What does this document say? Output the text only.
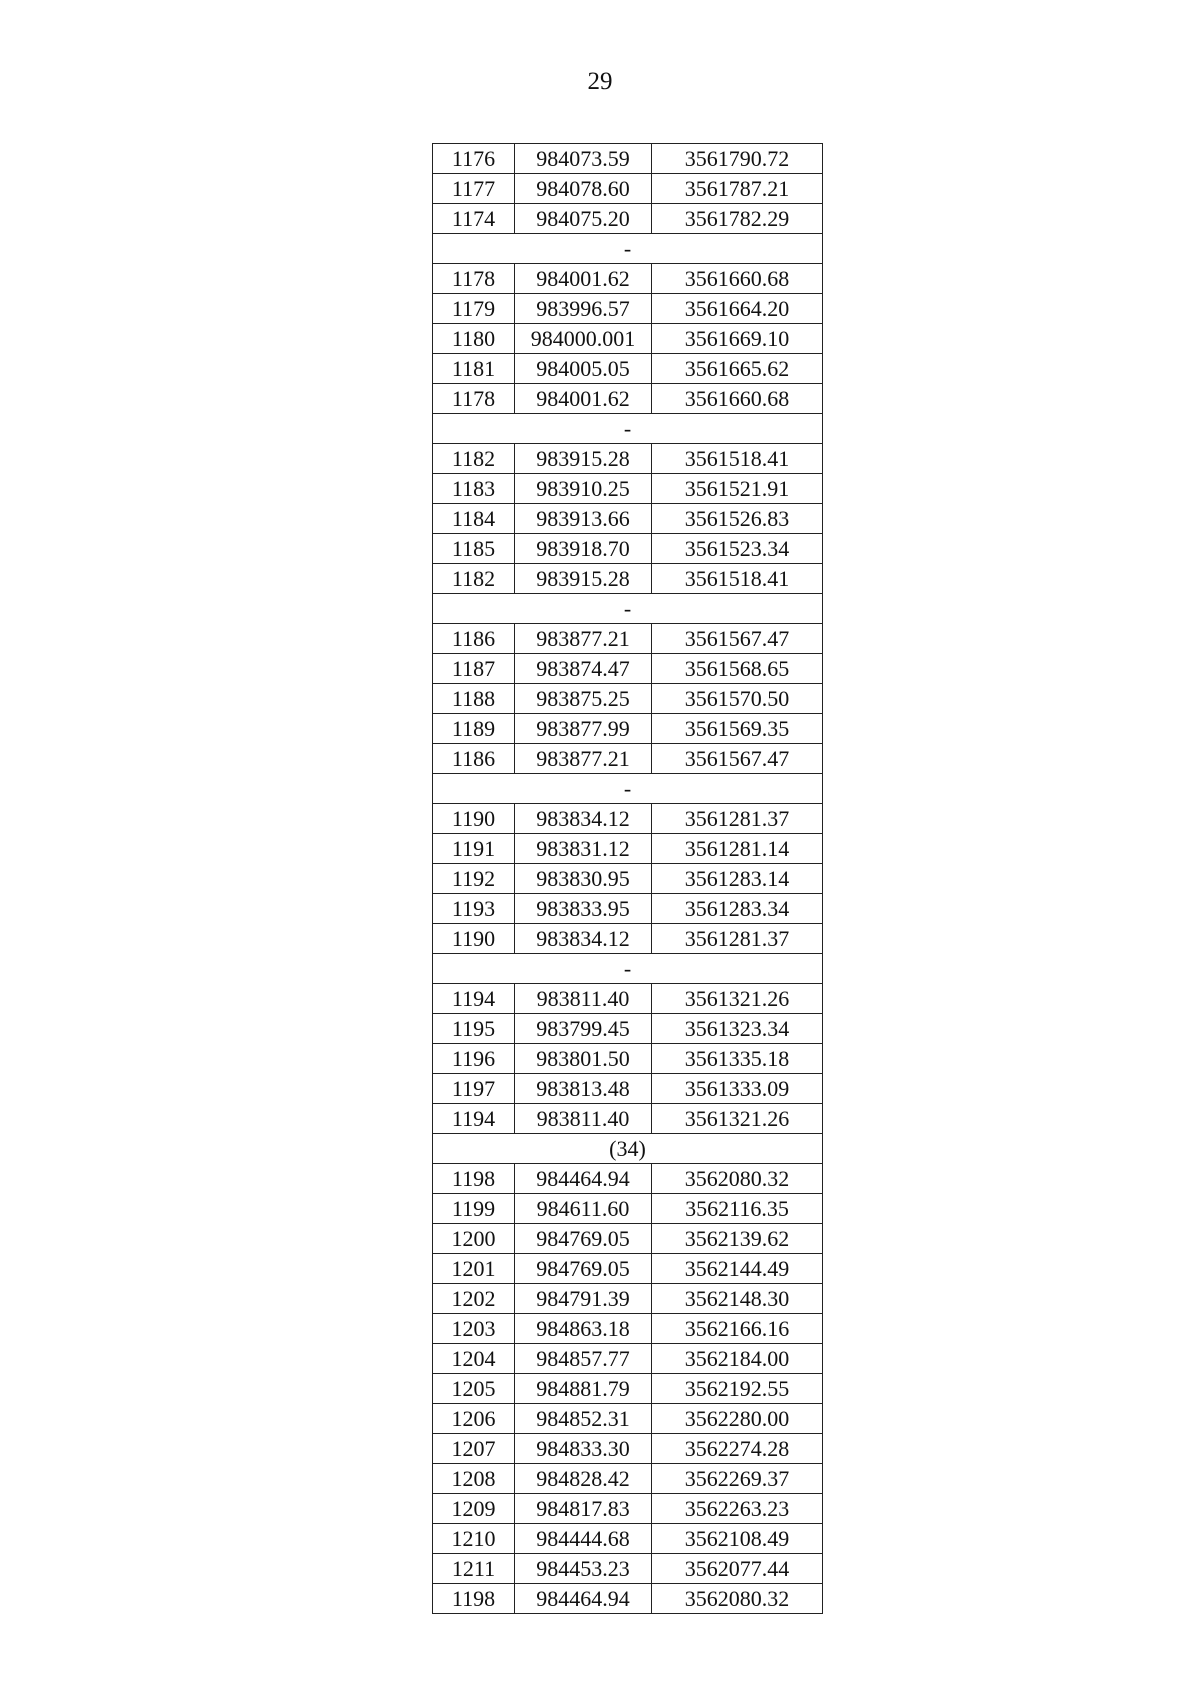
29
1176	984073.59	3561790.72
1177	984078.60	3561787.21
1174	984075.20	3561782.29
-		
1178	984001.62	3561660.68
1179	983996.57	3561664.20
1180	984000.001	3561669.10
1181	984005.05	3561665.62
1178	984001.62	3561660.68
-		
1182	983915.28	3561518.41
1183	983910.25	3561521.91
1184	983913.66	3561526.83
1185	983918.70	3561523.34
1182	983915.28	3561518.41
-		
1186	983877.21	3561567.47
1187	983874.47	3561568.65
1188	983875.25	3561570.50
1189	983877.99	3561569.35
1186	983877.21	3561567.47
-		
1190	983834.12	3561281.37
1191	983831.12	3561281.14
1192	983830.95	3561283.14
1193	983833.95	3561283.34
1190	983834.12	3561281.37
-		
1194	983811.40	3561321.26
1195	983799.45	3561323.34
1196	983801.50	3561335.18
1197	983813.48	3561333.09
1194	983811.40	3561321.26
(34)		
1198	984464.94	3562080.32
1199	984611.60	3562116.35
1200	984769.05	3562139.62
1201	984769.05	3562144.49
1202	984791.39	3562148.30
1203	984863.18	3562166.16
1204	984857.77	3562184.00
1205	984881.79	3562192.55
1206	984852.31	3562280.00
1207	984833.30	3562274.28
1208	984828.42	3562269.37
1209	984817.83	3562263.23
1210	984444.68	3562108.49
1211	984453.23	3562077.44
1198	984464.94	3562080.32
